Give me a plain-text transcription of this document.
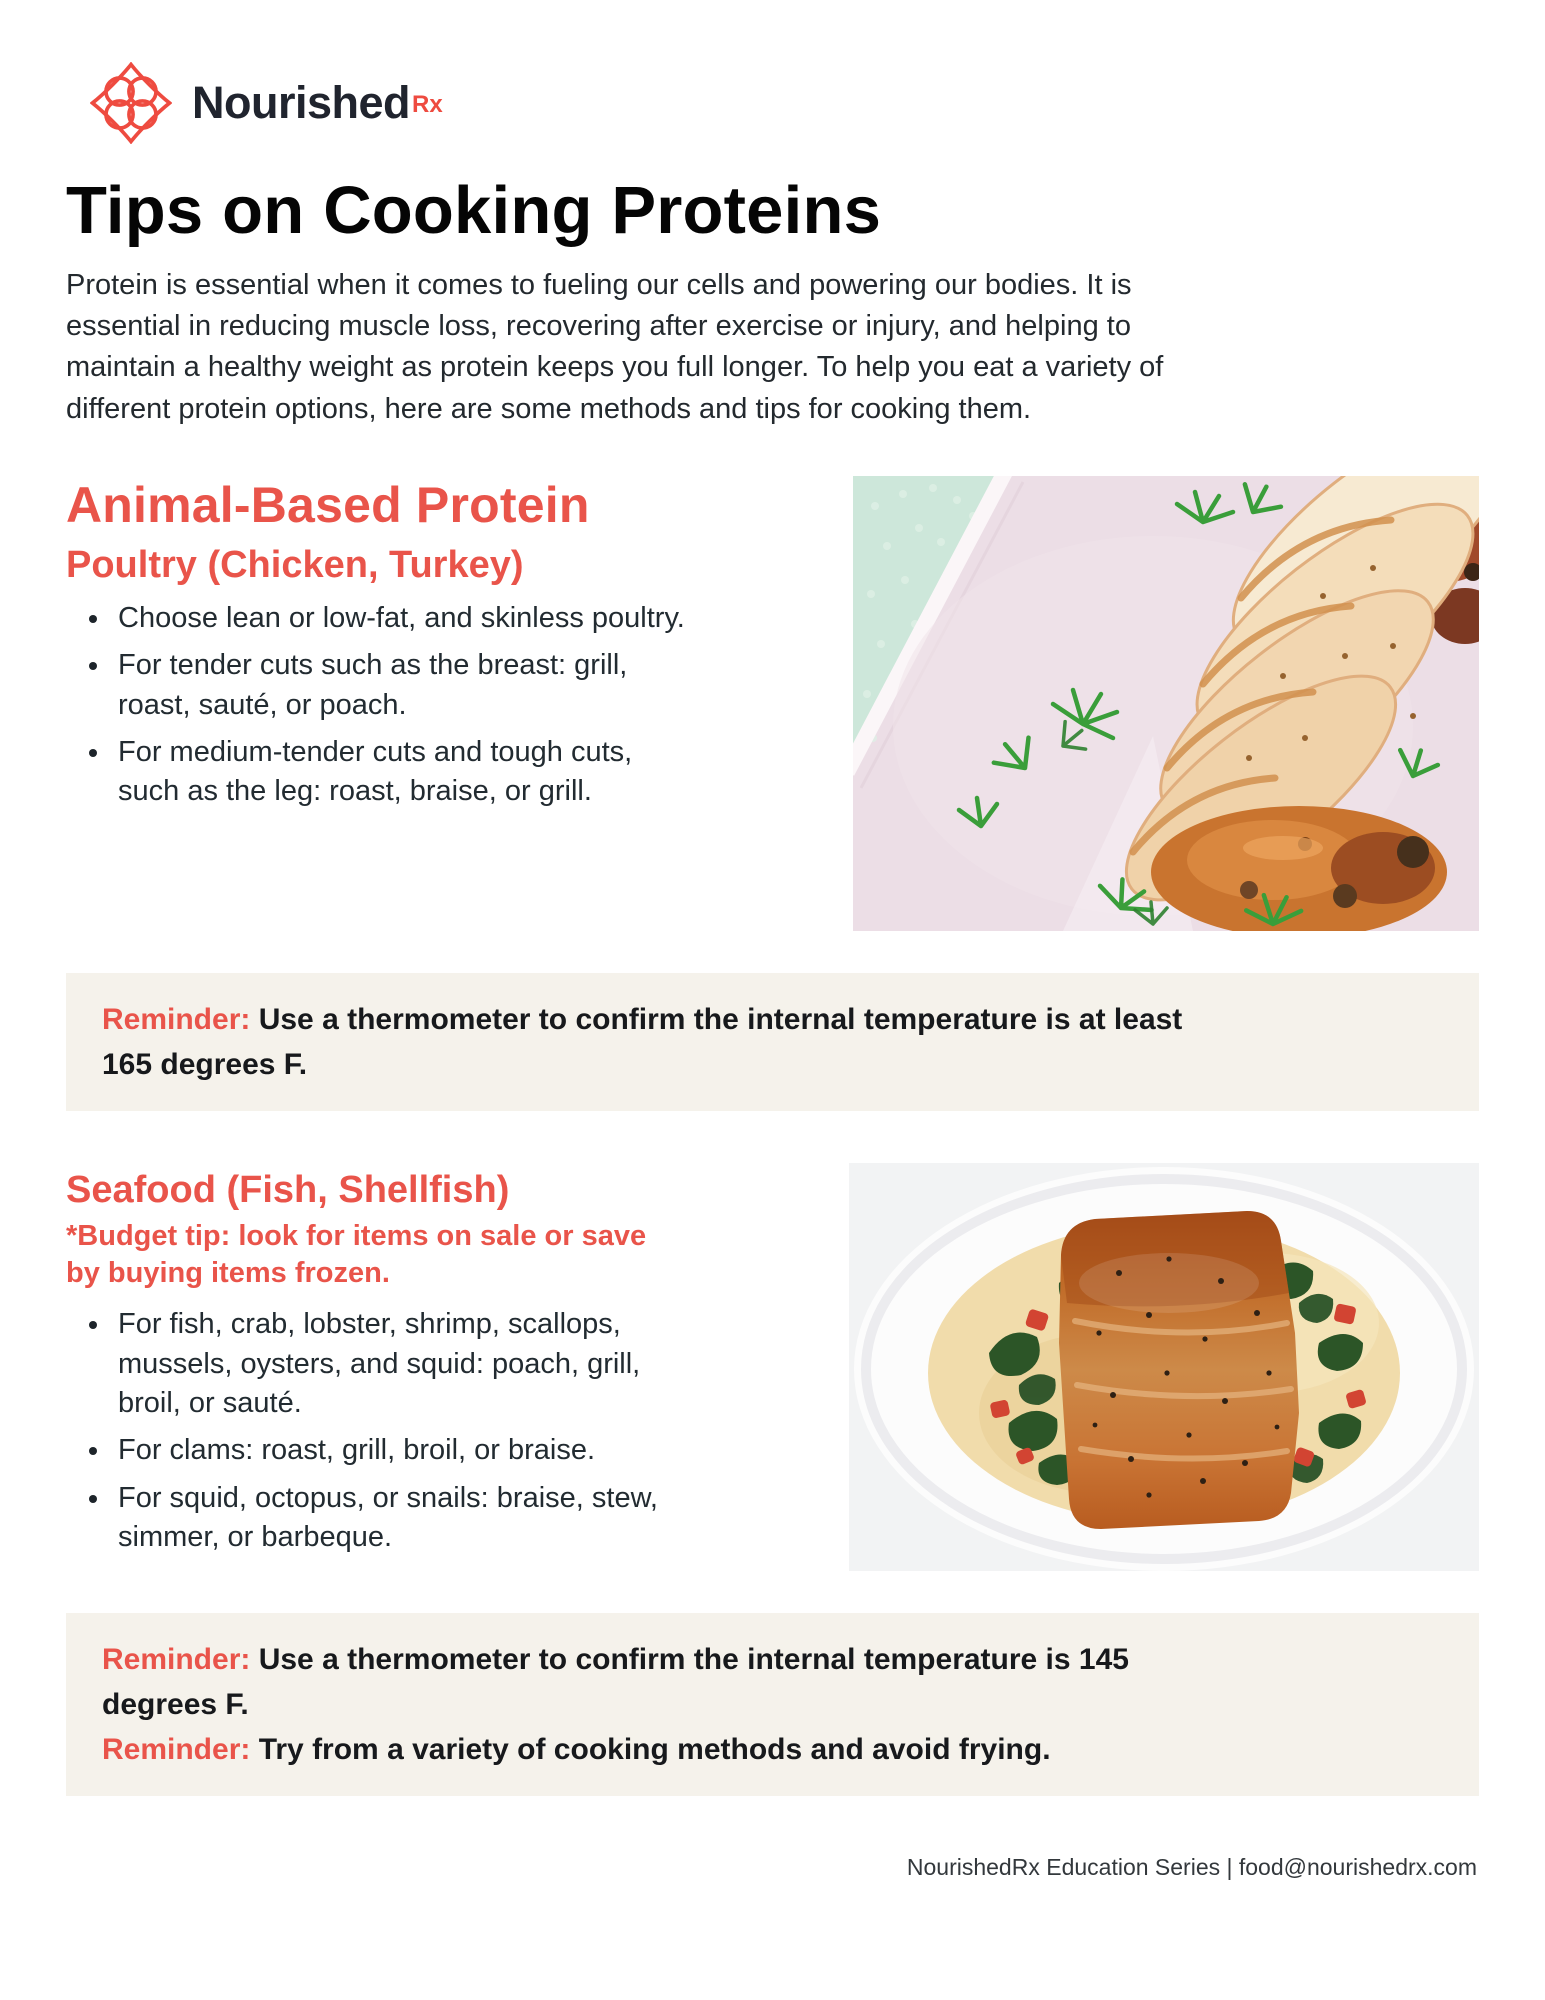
NourishedRx
Tips on Cooking Proteins

Protein is essential when it comes to fueling our cells and powering our bodies. It is essential in reducing muscle loss, recovering after exercise or injury, and helping to maintain a healthy weight as protein keeps you full longer. To help you eat a variety of different protein options, here are some methods and tips for cooking them.

Animal-Based Protein
Poultry (Chicken, Turkey)
• Choose lean or low-fat, and skinless poultry.
• For tender cuts such as the breast: grill, roast, sauté, or poach.
• For medium-tender cuts and tough cuts, such as the leg: roast, braise, or grill.

Reminder: Use a thermometer to confirm the internal temperature is at least 165 degrees F.

Seafood (Fish, Shellfish)

*Budget tip: look for items on sale or save by buying items frozen.

• For fish, crab, lobster, shrimp, scallops, mussels, oysters, and squid: poach, grill, broil, or sauté.
• For clams: roast, grill, broil, or braise.
• For squid, octopus, or snails: braise, stew, simmer, or barbeque.

Reminder: Use a thermometer to confirm the internal temperature is 145 degrees F.

Reminder: Try from a variety of cooking methods and avoid frying.

NourishedRx Education Series | food@nourishedrx.com
